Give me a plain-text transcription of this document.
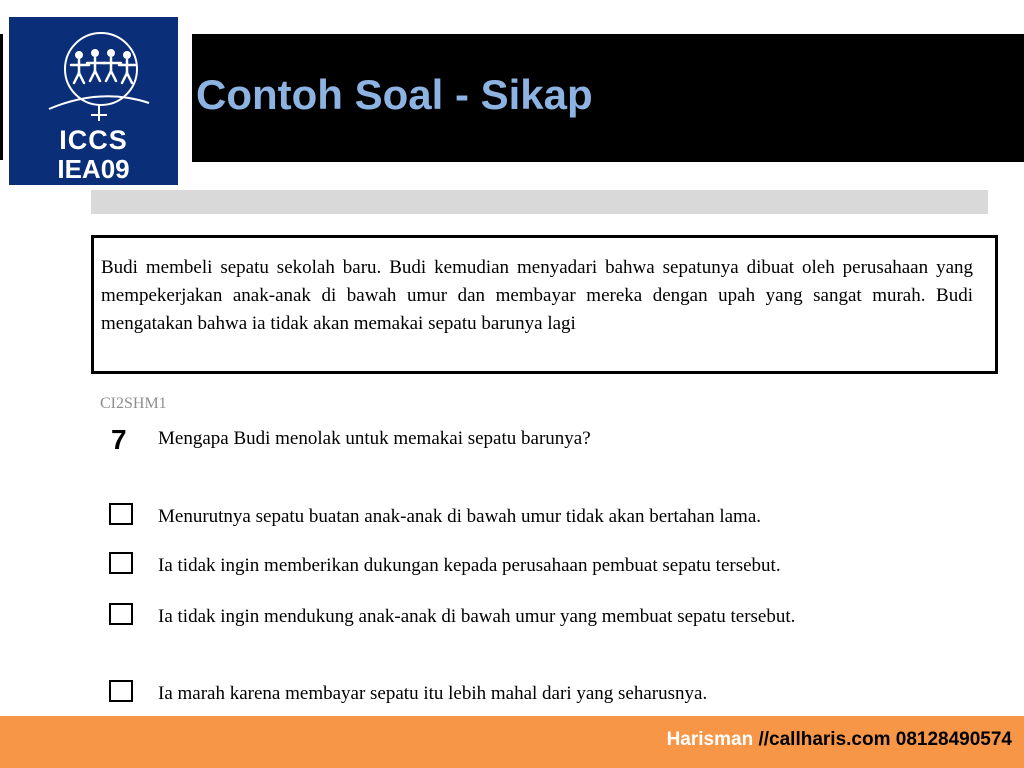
ICCS
IEA09
Contoh Soal - Sikap

Budi membeli sepatu sekolah baru. Budi kemudian menyadari bahwa sepatunya dibuat oleh perusahaan yang mempekerjakan anak-anak di bawah umur dan membayar mereka dengan upah yang sangat murah. Budi mengatakan bahwa ia tidak akan memakai sepatu barunya lagi

CI2SHM1
7 Mengapa Budi menolak untuk memakai sepatu barunya?
Menurutnya sepatu buatan anak-anak di bawah umur tidak akan bertahan lama.
Ia tidak ingin memberikan dukungan kepada perusahaan pembuat sepatu tersebut.
Ia tidak ingin mendukung anak-anak di bawah umur yang membuat sepatu tersebut.
Ia marah karena membayar sepatu itu lebih mahal dari yang seharusnya.
Harisman //callharis.com 08128490574
